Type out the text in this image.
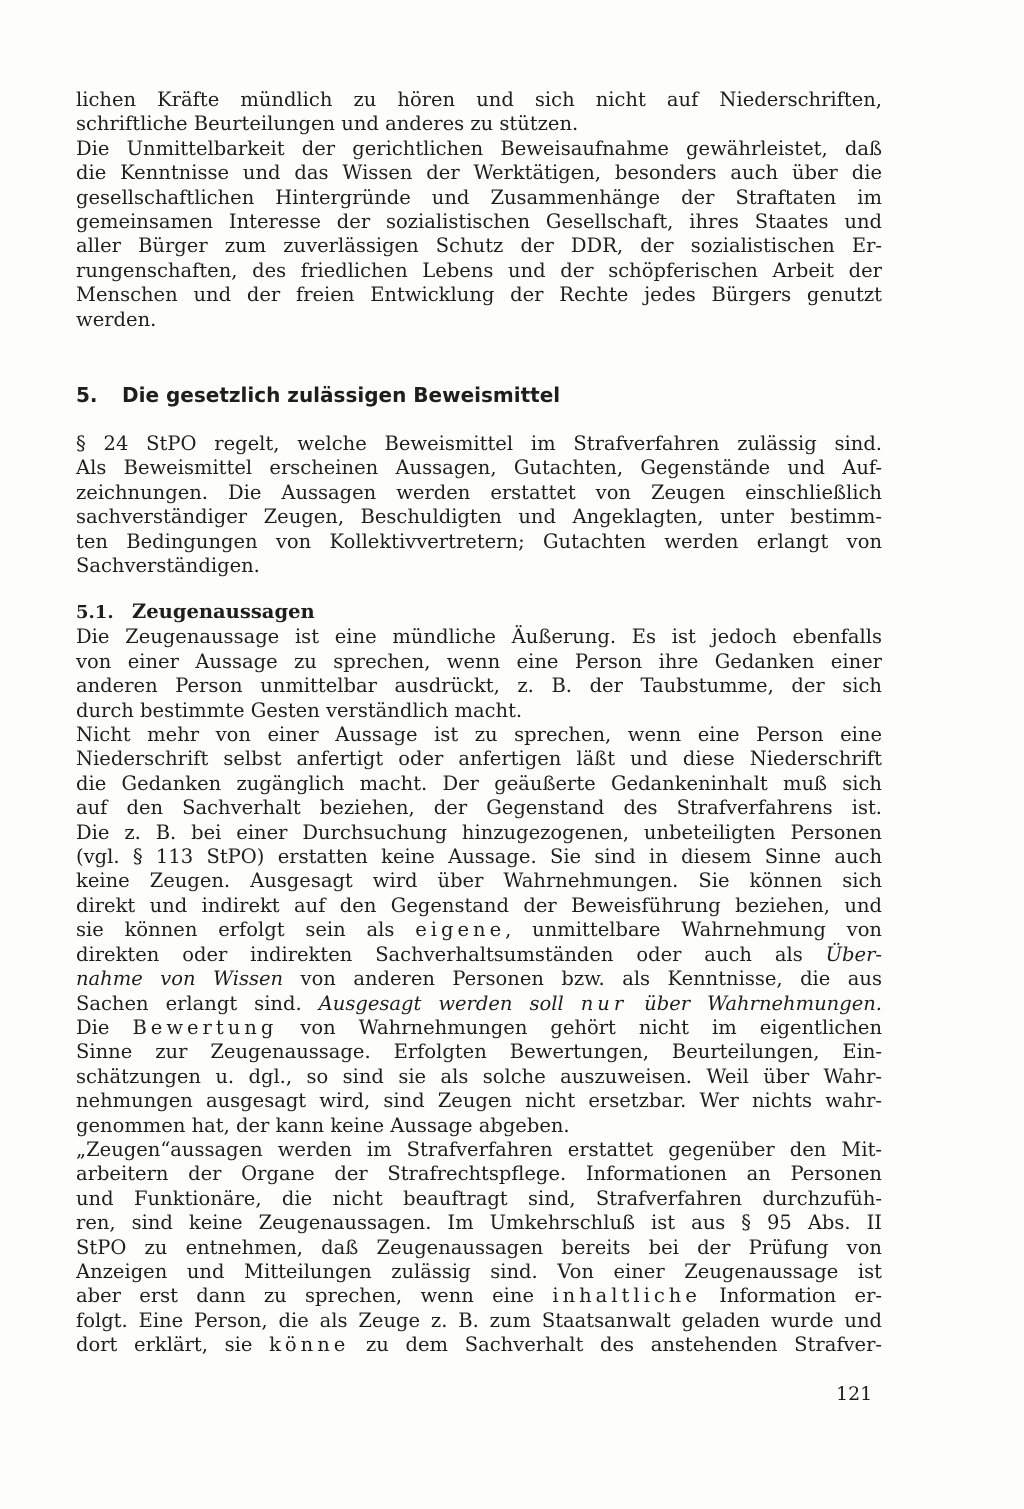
lichen Kräfte mündlich zu hören und sich nicht auf Niederschriften,
schriftliche Beurteilungen und anderes zu stützen.

Die Unmittelbarkeit der gerichtlichen Beweisaufnahme gewährleistet, daß
die Kenntnisse und das Wissen der Werktätigen, besonders auch über die
gesellschaftlichen Hintergründe und Zusammenhänge der Straftaten im
gemeinsamen Interesse der sozialistischen Gesellschaft, ihres Staates und
aller Bürger zum zuverlässigen Schutz der DDR, der sozialistischen Er-
rungenschaften, des friedlichen Lebens und der schöpferischen Arbeit der
Menschen und der freien Entwicklung der Rechte jedes Bürgers genutzt
werden.

5. Die gesetzlich zulässigen Beweismittel

§ 24 StPO regelt, welche Beweismittel im Strafverfahren zulässig sind.
Als Beweismittel erscheinen Aussagen, Gutachten, Gegenstände und Auf-
zeichnungen. Die Aussagen werden erstattet von Zeugen einschließlich
sachverständiger Zeugen, Beschuldigten und Angeklagten, unter bestimm-
ten Bedingungen von Kollektivvertretern; Gutachten werden erlangt von
Sachverständigen.

5.1. Zeugenaussagen

Die Zeugenaussage ist eine mündliche Äußerung. Es ist jedoch ebenfalls
von einer Aussage zu sprechen, wenn eine Person ihre Gedanken einer
anderen Person unmittelbar ausdrückt, z. B. der Taubstumme, der sich
durch bestimmte Gesten verständlich macht.

Nicht mehr von einer Aussage ist zu sprechen, wenn eine Person eine
Niederschrift selbst anfertigt oder anfertigen läßt und diese Niederschrift
die Gedanken zugänglich macht. Der geäußerte Gedankeninhalt muß sich
auf den Sachverhalt beziehen, der Gegenstand des Strafverfahrens ist.
Die z. B. bei einer Durchsuchung hinzugezogenen, unbeteiligten Personen
(vgl. § 113 StPO) erstatten keine Aussage. Sie sind in diesem Sinne auch
keine Zeugen. Ausgesagt wird über Wahrnehmungen. Sie können sich
direkt und indirekt auf den Gegenstand der Beweisführung beziehen, und
sie können erfolgt sein als eigene, unmittelbare Wahrnehmung von
direkten oder indirekten Sachverhaltsumständen oder auch als Über-
nahme von Wissen von anderen Personen bzw. als Kenntnisse, die aus
Sachen erlangt sind. Ausgesagt werden soll nur über Wahrnehmungen.
Die Bewertung von Wahrnehmungen gehört nicht im eigentlichen
Sinne zur Zeugenaussage. Erfolgten Bewertungen, Beurteilungen, Ein-
schätzungen u. dgl., so sind sie als solche auszuweisen. Weil über Wahr-
nehmungen ausgesagt wird, sind Zeugen nicht ersetzbar. Wer nichts wahr-
genommen hat, der kann keine Aussage abgeben.

„Zeugen“aussagen werden im Strafverfahren erstattet gegenüber den Mit-
arbeitern der Organe der Strafrechtspflege. Informationen an Personen
und Funktionäre, die nicht beauftragt sind, Strafverfahren durchzufüh-
ren, sind keine Zeugenaussagen. Im Umkehrschluß ist aus § 95 Abs. II
StPO zu entnehmen, daß Zeugenaussagen bereits bei der Prüfung von
Anzeigen und Mitteilungen zulässig sind. Von einer Zeugenaussage ist
aber erst dann zu sprechen, wenn eine inhaltliche Information er-
folgt. Eine Person, die als Zeuge z. B. zum Staatsanwalt geladen wurde und
dort erklärt, sie könne zu dem Sachverhalt des anstehenden Strafver-

121
